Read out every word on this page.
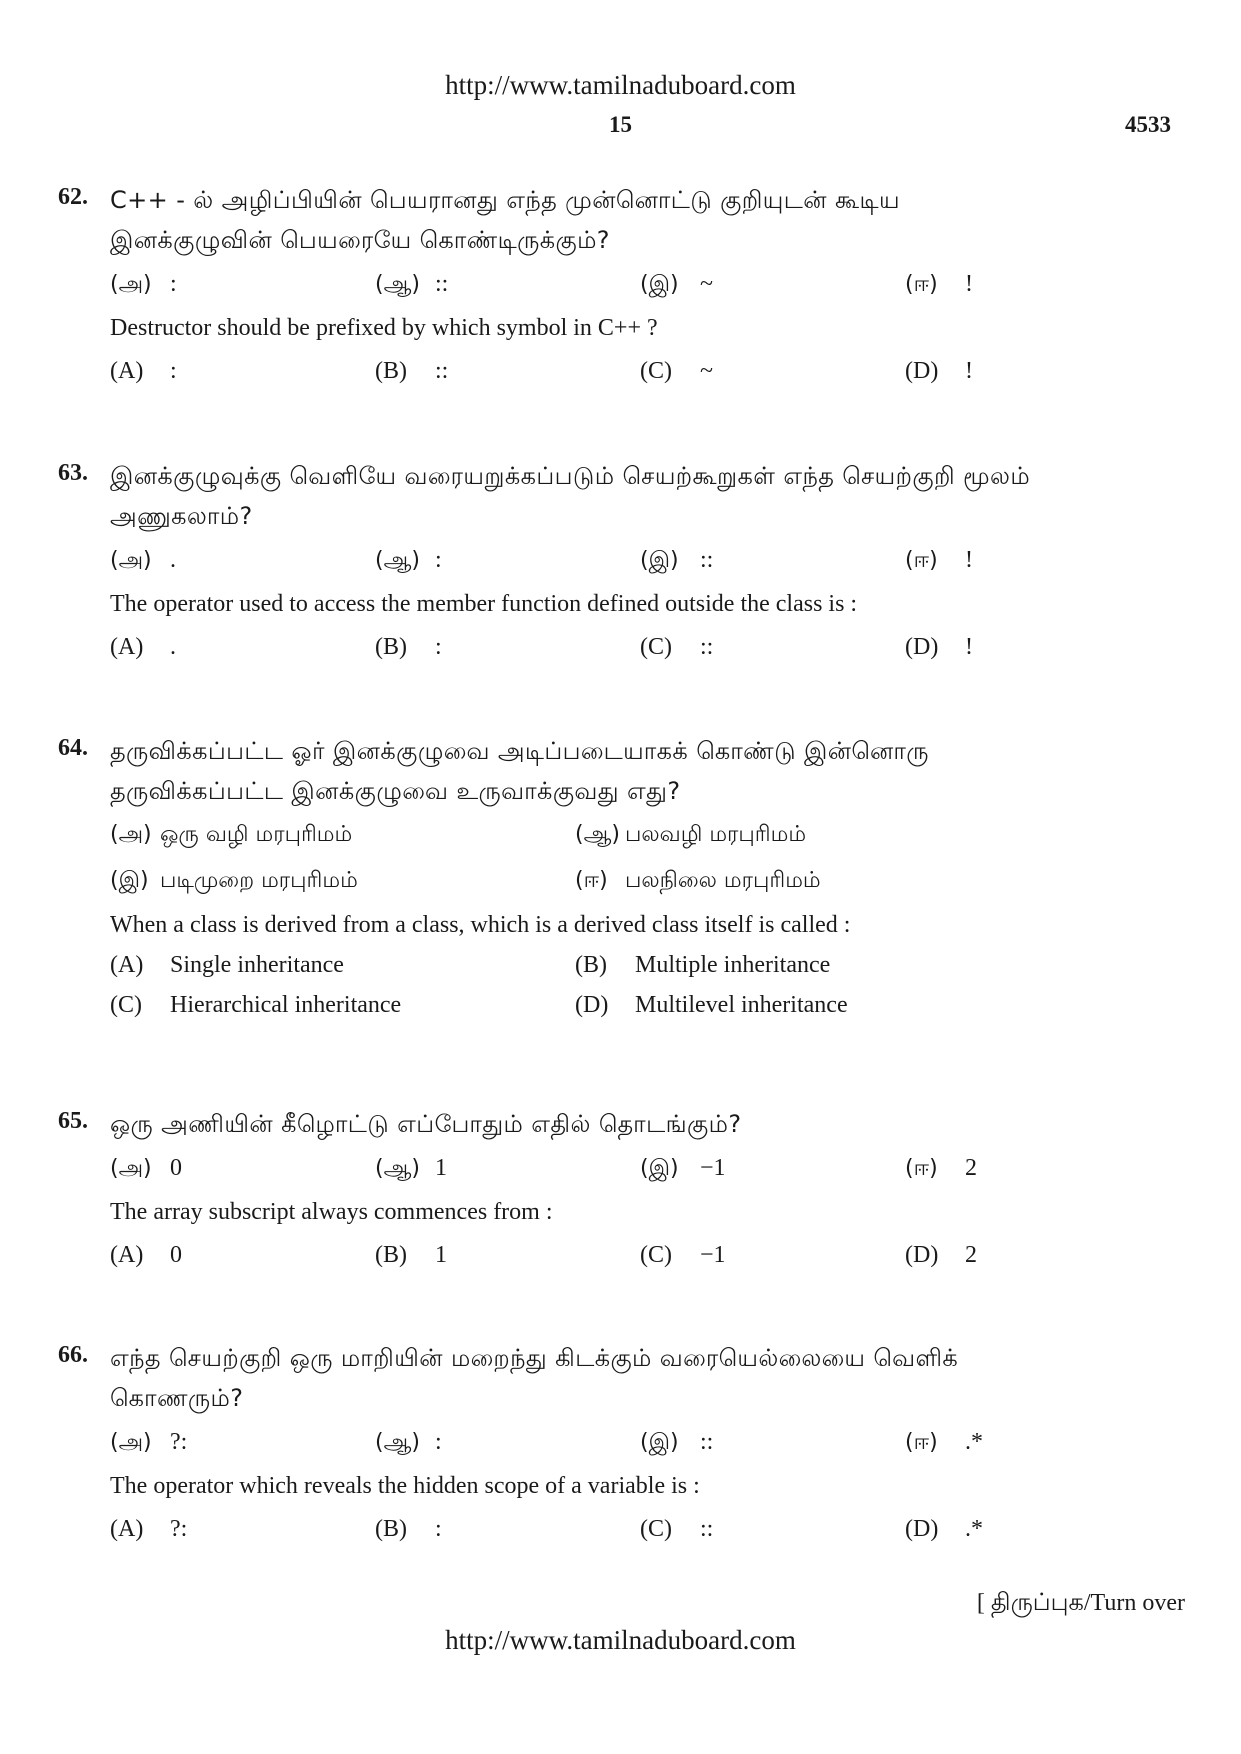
http://www.tamilnaduboard.com
15	4533
62. C++ - ல் அழிப்பியின் பெயரானது எந்த முன்னொட்டு குறியுடன் கூடிய
இனக்குழுவின் பெயரையே கொண்டிருக்கும்?
(அ) :	(ஆ) ::	(இ) ~	(ஈ)	!
Destructor should be prefixed by which symbol in C++ ?
(A)	:	(B)	::	(C)	~	(D)	!
63. இனக்குழுவுக்கு வெளியே வரையறுக்கப்படும் செயற்கூறுகள் எந்த செயற்குறி மூலம்
அணுகலாம்?
(அ) .	(ஆ) :	(இ) ::	(ஈ)	!
The operator used to access the member function defined outside the class is :
(A)	.	(B)	:	(C)	::	(D)	!
64. தருவிக்கப்பட்ட ஓர் இனக்குழுவை அடிப்படையாகக் கொண்டு இன்னொரு
தருவிக்கப்பட்ட இனக்குழுவை உருவாக்குவது எது?
(அ) ஒரு வழி மரபுரிமம்	(ஆ) பலவழி மரபுரிமம்
(இ) படிமுறை மரபுரிமம்	(ஈ) பலநிலை மரபுரிமம்
When a class is derived from a class, which is a derived class itself is called :
(A)	Single inheritance	(B)	Multiple inheritance
(C)	Hierarchical inheritance	(D)	Multilevel inheritance
65. ஒரு அணியின் கீழொட்டு எப்போதும் எதில் தொடங்கும்?
(அ) 0	(ஆ) 1	(இ) −1	(ஈ)	2
The array subscript always commences from :
(A)	0	(B)	1	(C)	−1	(D)	2
66. எந்த செயற்குறி ஒரு மாறியின் மறைந்து கிடக்கும் வரையெல்லையை வெளிக்
கொணரும்?
(அ) ?:	(ஆ) :	(இ) ::	(ஈ)	.*
The operator which reveals the hidden scope of a variable is :
(A)	?:	(B)	:	(C)	::	(D)	.*
[ திருப்புக/Turn over
http://www.tamilnaduboard.com
